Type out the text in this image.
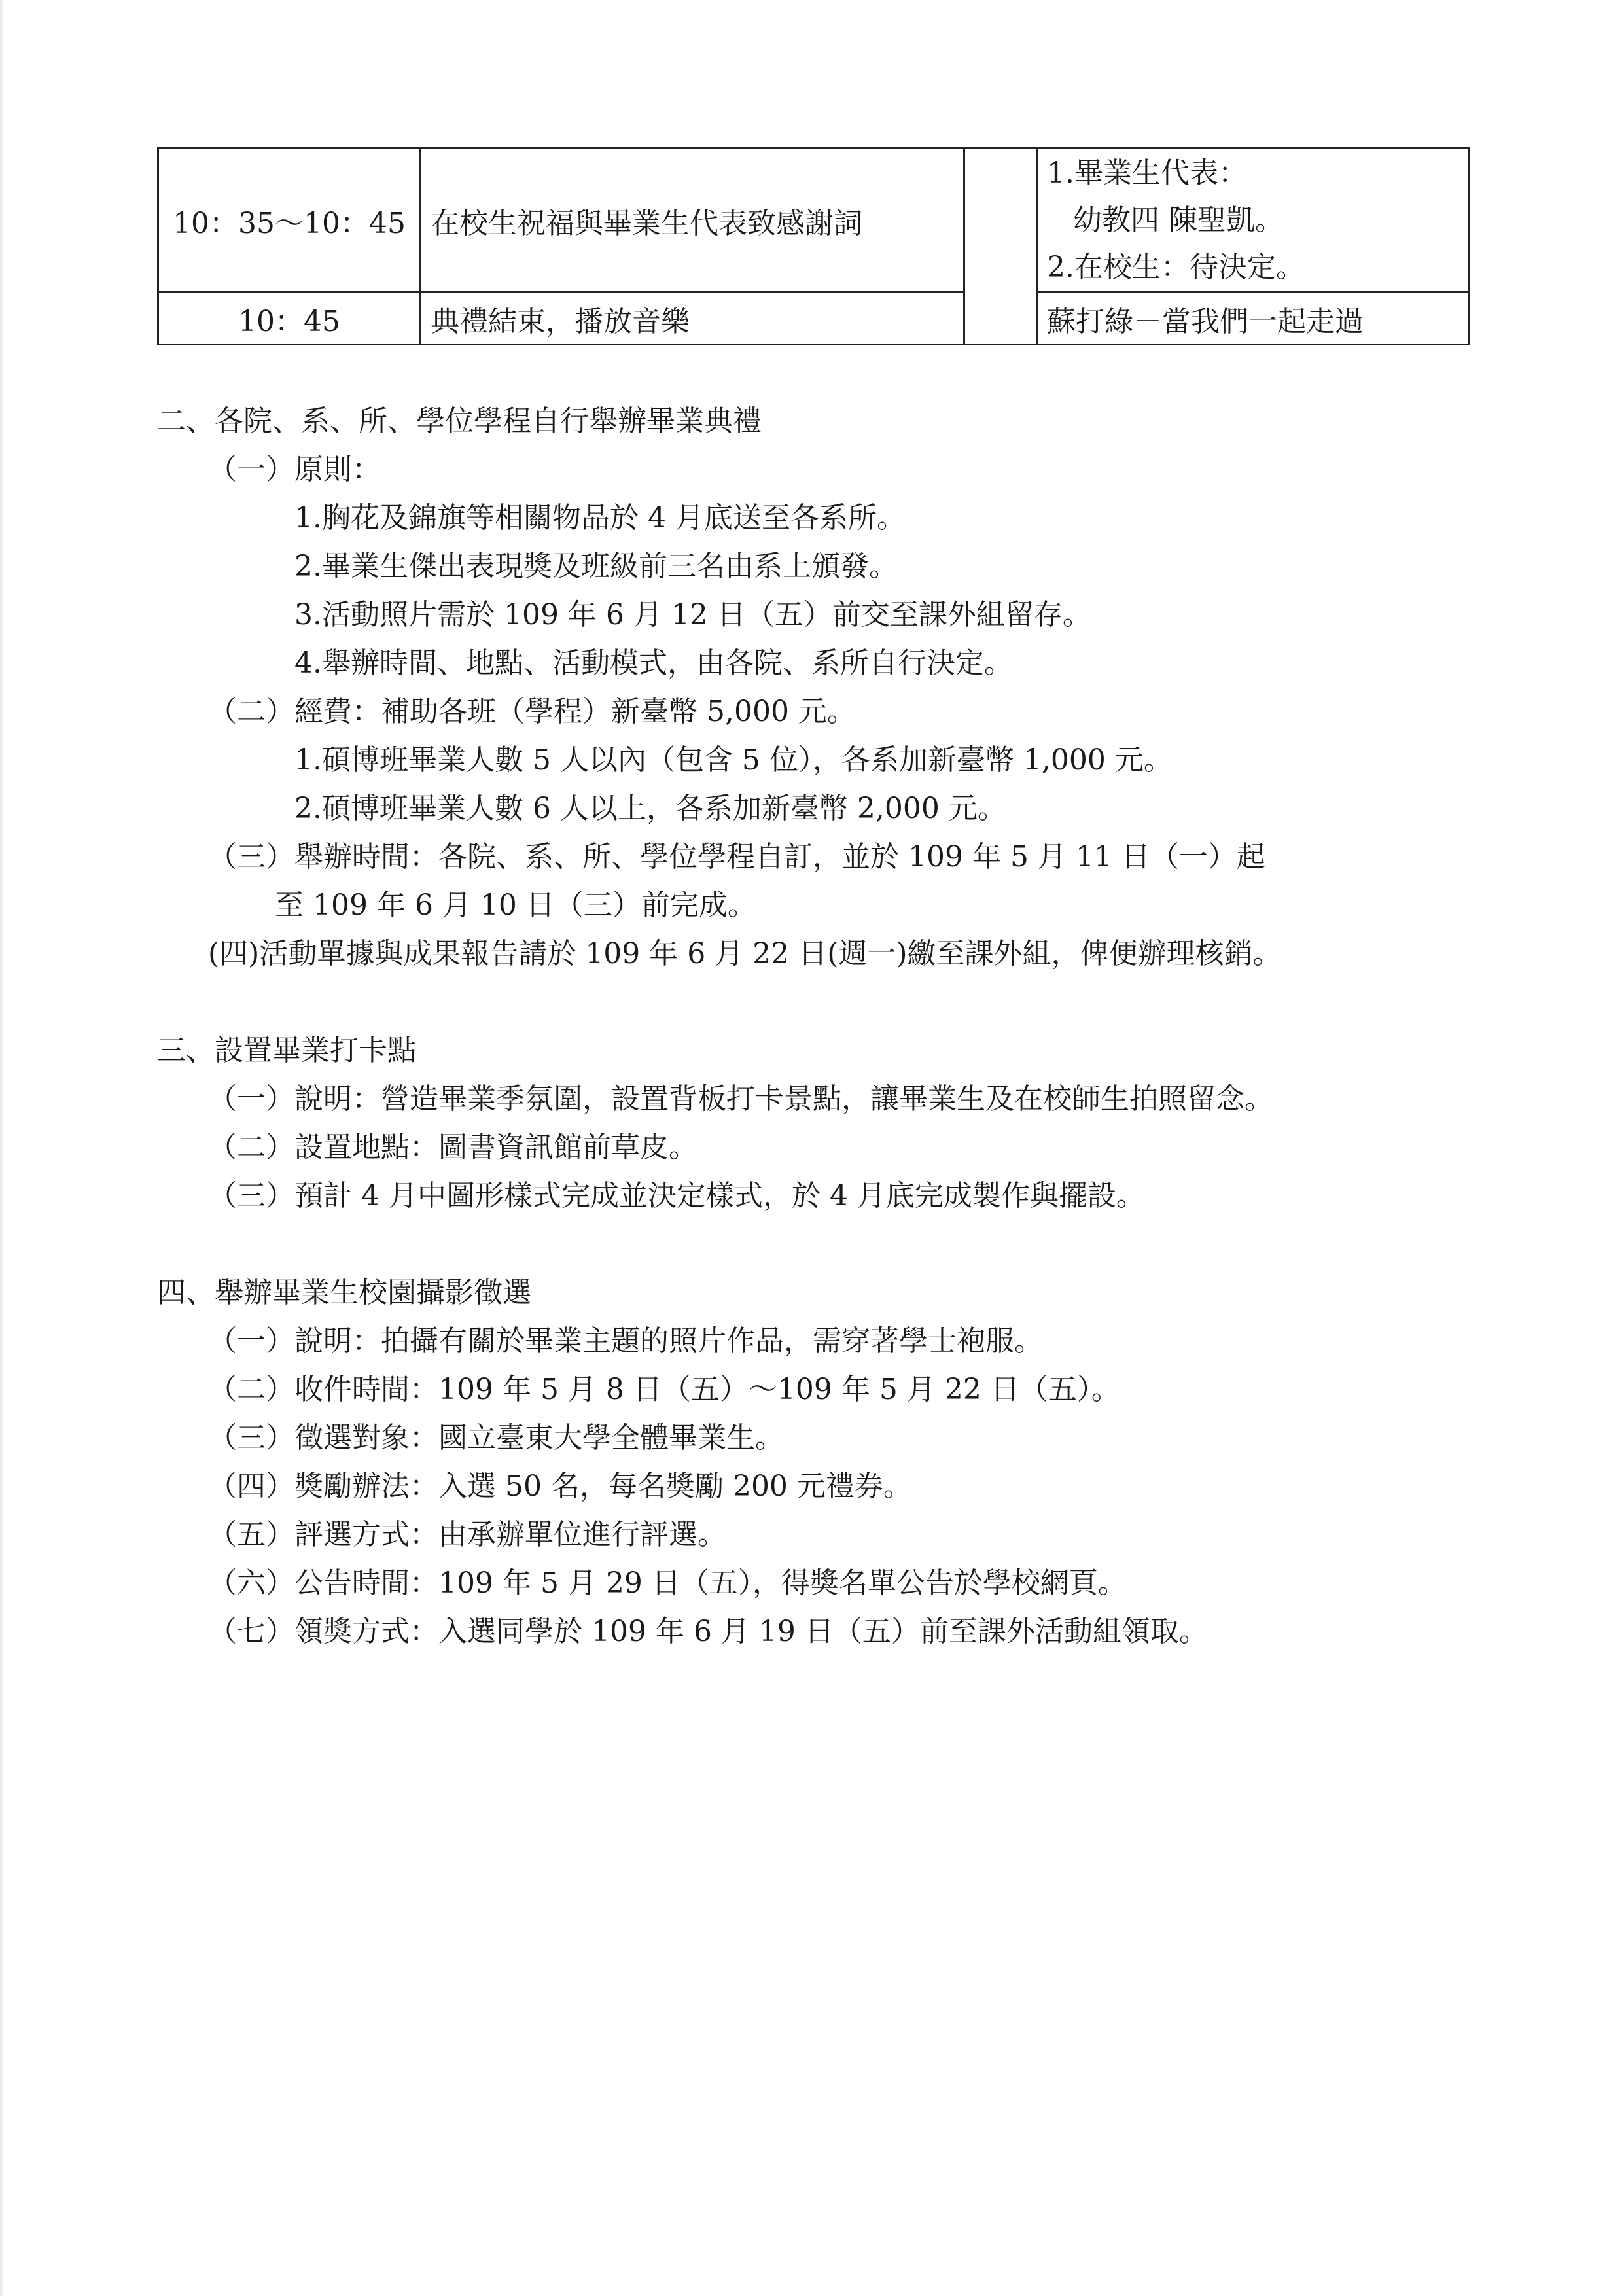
10：35～10：45	在校生祝福與畢業生代表致感謝詞		1.畢業生代表：
幼教四 陳聖凱。
2.在校生：待決定。

10：45	典禮結束，播放音樂		蘇打綠－當我們一起走過
二、各院、系、所、學位學程自行舉辦畢業典禮
（一）原則：
1.胸花及錦旗等相關物品於 4 月底送至各系所。
2.畢業生傑出表現獎及班級前三名由系上頒發。
3.活動照片需於 109 年 6 月 12 日（五）前交至課外組留存。
4.舉辦時間、地點、活動模式，由各院、系所自行決定。
（二）經費：補助各班（學程）新臺幣 5,000 元。
1.碩博班畢業人數 5 人以內（包含 5 位），各系加新臺幣 1,000 元。
2.碩博班畢業人數 6 人以上，各系加新臺幣 2,000 元。
（三）舉辦時間：各院、系、所、學位學程自訂，並於 109 年 5 月 11 日（一）起
至 109 年 6 月 10 日（三）前完成。
(四)活動單據與成果報告請於 109 年 6 月 22 日(週一)繳至課外組，俾便辦理核銷。
三、設置畢業打卡點
（一）說明：營造畢業季氛圍，設置背板打卡景點，讓畢業生及在校師生拍照留念。
（二）設置地點：圖書資訊館前草皮。
（三）預計 4 月中圖形樣式完成並決定樣式，於 4 月底完成製作與擺設。
四、舉辦畢業生校園攝影徵選
（一）說明：拍攝有關於畢業主題的照片作品，需穿著學士袍服。
（二）收件時間：109 年 5 月 8 日（五）～109 年 5 月 22 日（五）。
（三）徵選對象：國立臺東大學全體畢業生。
（四）獎勵辦法：入選 50 名，每名獎勵 200 元禮券。
（五）評選方式：由承辦單位進行評選。
（六）公告時間：109 年 5 月 29 日（五），得獎名單公告於學校網頁。
（七）領獎方式：入選同學於 109 年 6 月 19 日（五）前至課外活動組領取。
